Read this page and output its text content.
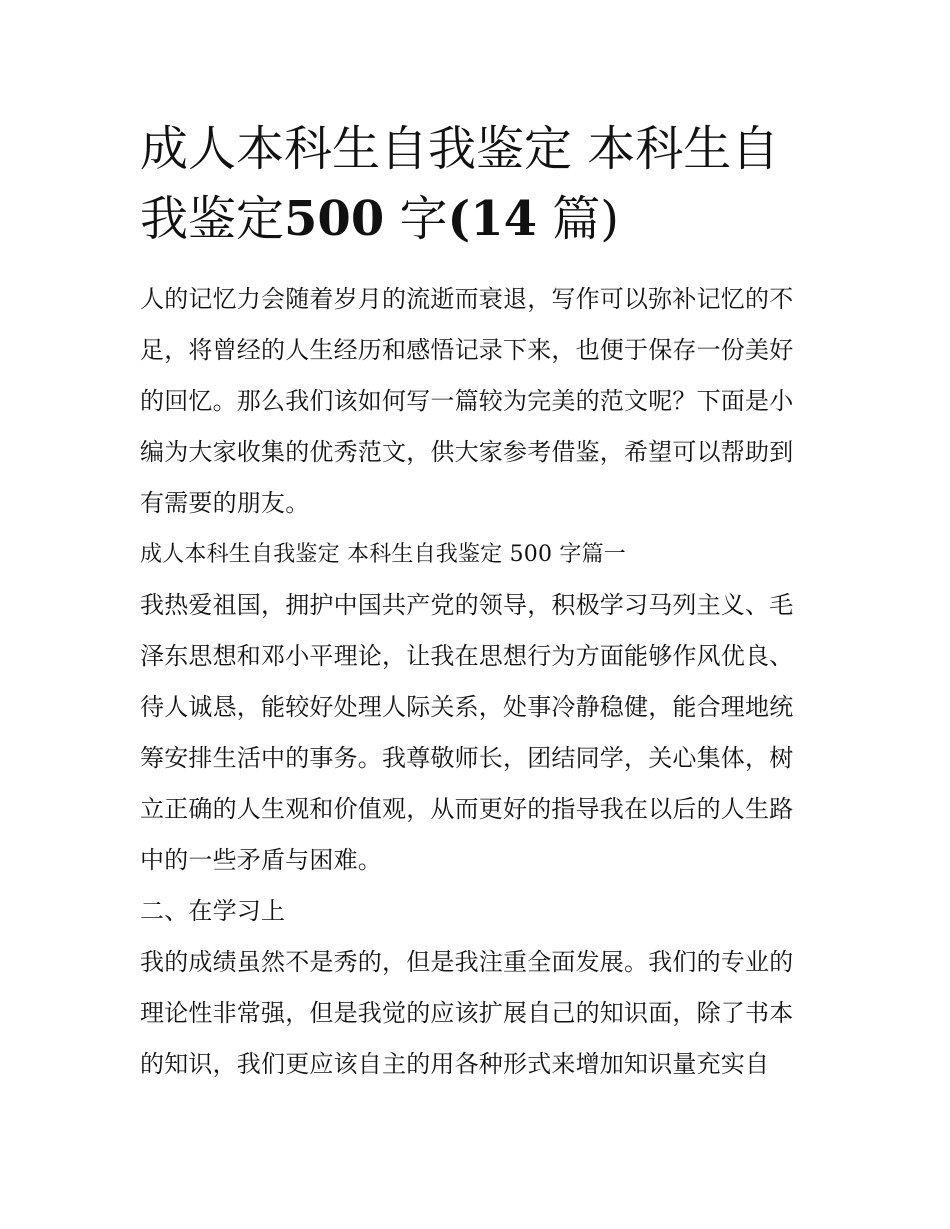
成人本科生自我鉴定 本科生自
我鉴定500 字(14 篇)
人的记忆力会随着岁月的流逝而衰退，写作可以弥补记忆的不
足，将曾经的人生经历和感悟记录下来，也便于保存一份美好
的回忆。那么我们该如何写一篇较为完美的范文呢？下面是小
编为大家收集的优秀范文，供大家参考借鉴，希望可以帮助到
有需要的朋友。
成人本科生自我鉴定 本科生自我鉴定 500 字篇一
我热爱祖国，拥护中国共产党的领导，积极学习马列主义、毛
泽东思想和邓小平理论，让我在思想行为方面能够作风优良、
待人诚恳，能较好处理人际关系，处事冷静稳健，能合理地统
筹安排生活中的事务。我尊敬师长，团结同学，关心集体，树
立正确的人生观和价值观，从而更好的指导我在以后的人生路
中的一些矛盾与困难。
二、在学习上
我的成绩虽然不是秀的，但是我注重全面发展。我们的专业的
理论性非常强，但是我觉的应该扩展自己的知识面，除了书本
的知识，我们更应该自主的用各种形式来增加知识量充实自
